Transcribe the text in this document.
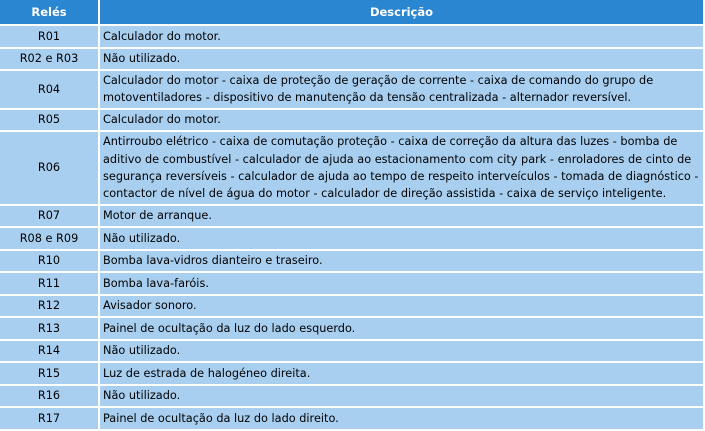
Relés	Descrição
R01	Calculador do motor.
R02 e R03	Não utilizado.
R04	Calculador do motor - caixa de proteção de geração de corrente - caixa de comando do grupo de motoventiladores - dispositivo de manutenção da tensão centralizada - alternador reversível.
R05	Calculador do motor.
R06	Antirroubo elétrico - caixa de comutação proteção - caixa de correção da altura das luzes - bomba de aditivo de combustível - calculador de ajuda ao estacionamento com city park - enroladores de cinto de segurança reversíveis - calculador de ajuda ao tempo de respeito interveículos - tomada de diagnóstico - contactor de nível de água do motor - calculador de direção assistida - caixa de serviço inteligente.
R07	Motor de arranque.
R08 e R09	Não utilizado.
R10	Bomba lava-vidros dianteiro e traseiro.
R11	Bomba lava-faróis.
R12	Avisador sonoro.
R13	Painel de ocultação da luz do lado esquerdo.
R14	Não utilizado.
R15	Luz de estrada de halogéneo direita.
R16	Não utilizado.
R17	Painel de ocultação da luz do lado direito.
